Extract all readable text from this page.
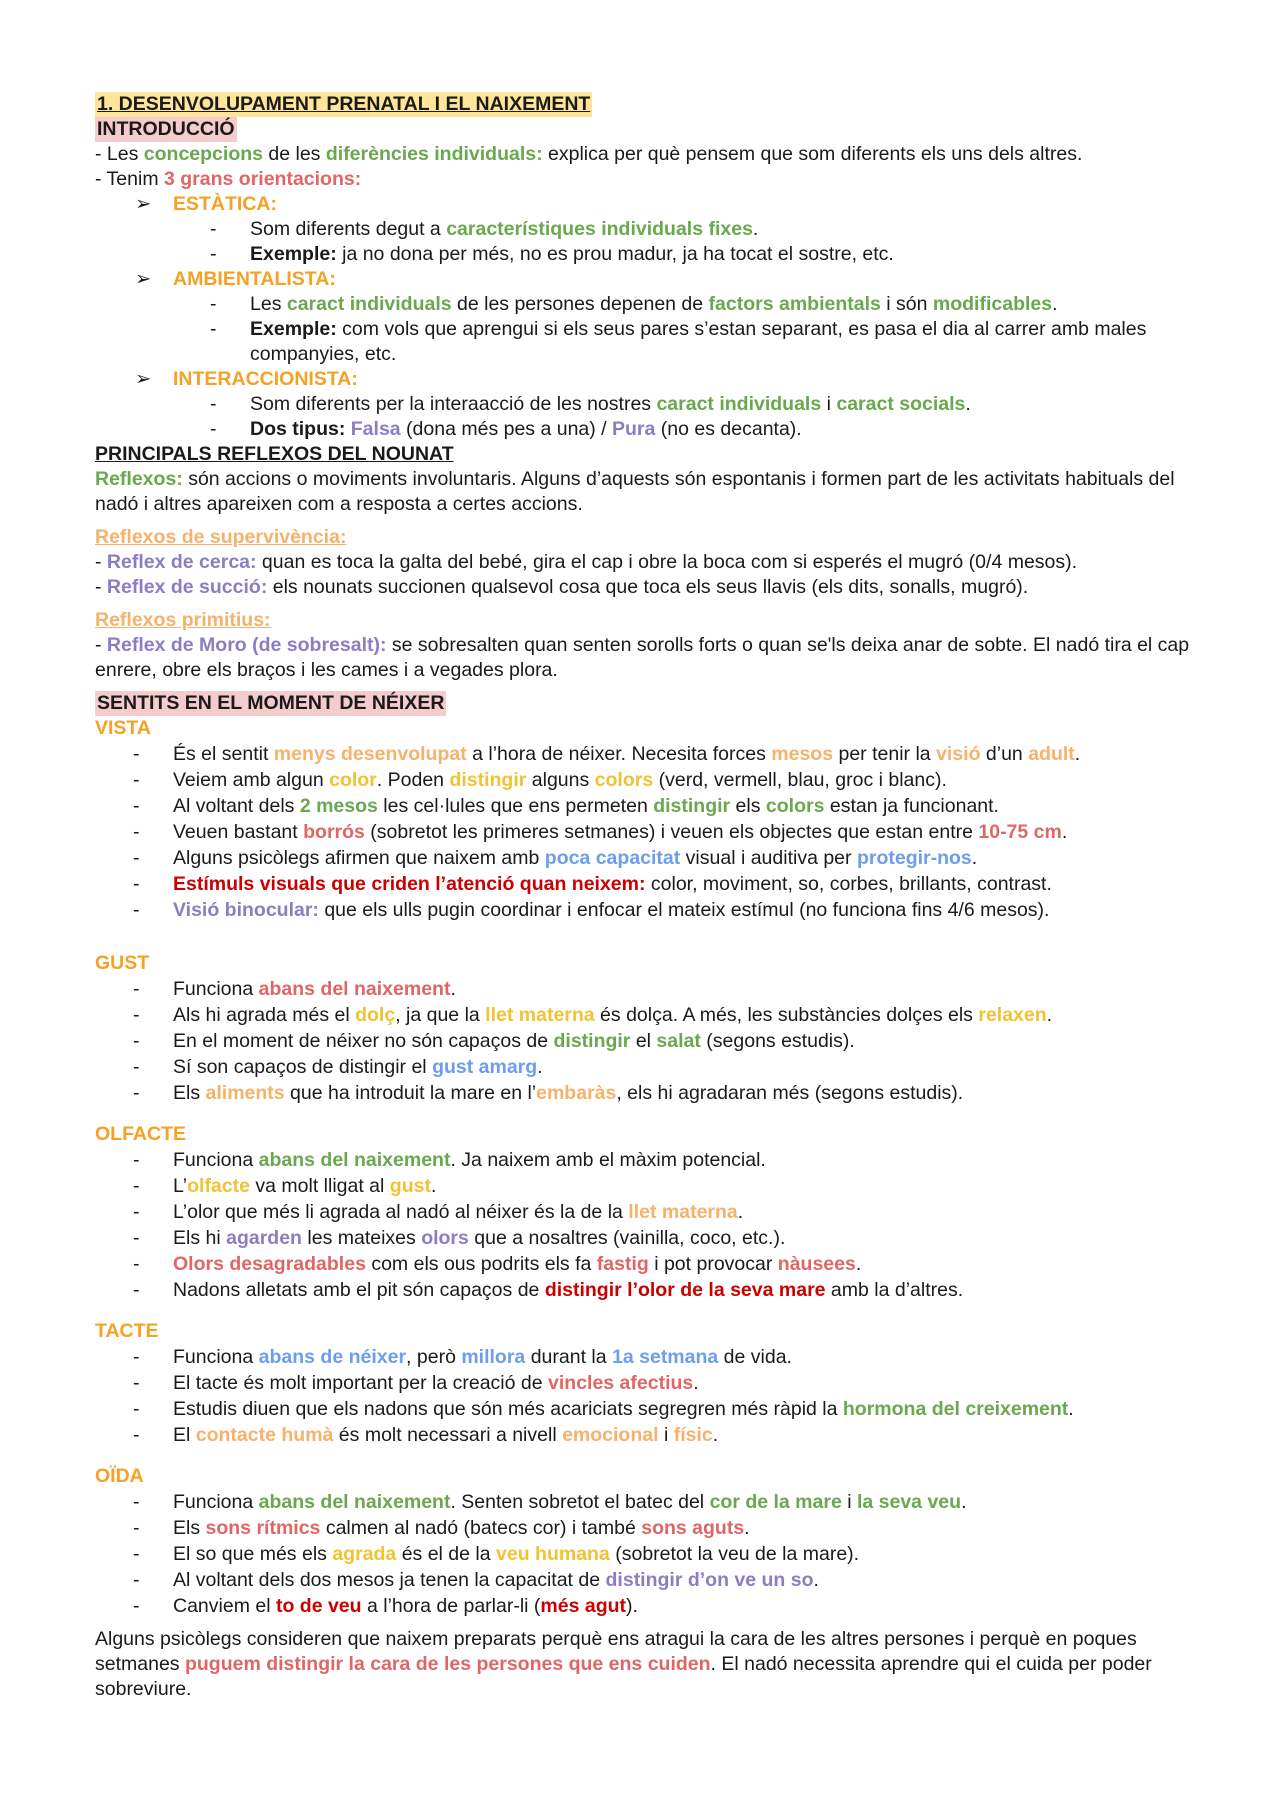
1. DESENVOLUPAMENT PRENATAL I EL NAIXEMENT

INTRODUCCIÓ

- Les concepcions de les diferències individuals: explica per què pensem que som diferents els uns dels altres.

- Tenim 3 grans orientacions:

➢ ESTÀTICA:
- Som diferents degut a característiques individuals fixes.
- Exemple: ja no dona per més, no es prou madur, ja ha tocat el sostre, etc.
➢ AMBIENTALISTA:
- Les caract individuals de les persones depenen de factors ambientals i són modificables.
- Exemple: com vols que aprengui si els seus pares s’estan separant, es pasa el dia al carrer amb males companyies, etc.
➢ INTERACCIONISTA:
- Som diferents per la interaacció de les nostres caract individuals i caract socials.
- Dos tipus: Falsa (dona més pes a una) / Pura (no es decanta).

PRINCIPALS REFLEXOS DEL NOUNAT

Reflexos: són accions o moviments involuntaris. Alguns d’aquests són espontanis i formen part de les activitats habituals del nadó i altres apareixen com a resposta a certes accions.

Reflexos de supervivència:

- Reflex de cerca: quan es toca la galta del bebé, gira el cap i obre la boca com si esperés el mugró (0/4 mesos).

- Reflex de succió: els nounats succionen qualsevol cosa que toca els seus llavis (els dits, sonalls, mugró).

Reflexos primitius:

- Reflex de Moro (de sobresalt): se sobresalten quan senten sorolls forts o quan se'ls deixa anar de sobte. El nadó tira el cap enrere, obre els braços i les cames i a vegades plora.

SENTITS EN EL MOMENT DE NÉIXER

VISTA

- És el sentit menys desenvolupat a l’hora de néixer. Necesita forces mesos per tenir la visió d’un adult.
- Veiem amb algun color. Poden distingir alguns colors (verd, vermell, blau, groc i blanc).
- Al voltant dels 2 mesos les cel·lules que ens permeten distingir els colors estan ja funcionant.
- Veuen bastant borrós (sobretot les primeres setmanes) i veuen els objectes que estan entre 10-75 cm.
- Alguns psicòlegs afirmen que naixem amb poca capacitat visual i auditiva per protegir-nos.
- Estímuls visuals que criden l’atenció quan neixem: color, moviment, so, corbes, brillants, contrast.
- Visió binocular: que els ulls pugin coordinar i enfocar el mateix estímul (no funciona fins 4/6 mesos).

GUST

- Funciona abans del naixement.
- Als hi agrada més el dolç, ja que la llet materna és dolça. A més, les substàncies dolçes els relaxen.
- En el moment de néixer no són capaços de distingir el salat (segons estudis).
- Sí son capaços de distingir el gust amarg.
- Els aliments que ha introduit la mare en l’embaràs, els hi agradaran més (segons estudis).

OLFACTE

- Funciona abans del naixement. Ja naixem amb el màxim potencial.
- L’olfacte va molt lligat al gust.
- L’olor que més li agrada al nadó al néixer és la de la llet materna.
- Els hi agarden les mateixes olors que a nosaltres (vainilla, coco, etc.).
- Olors desagradables com els ous podrits els fa fastig i pot provocar nàusees.
- Nadons alletats amb el pit són capaços de distingir l’olor de la seva mare amb la d’altres.

TACTE

- Funciona abans de néixer, però millora durant la 1a setmana de vida.
- El tacte és molt important per la creació de vincles afectius.
- Estudis diuen que els nadons que són més acariciats segregren més ràpid la hormona del creixement.
- El contacte humà és molt necessari a nivell emocional i físic.

OÏDA

- Funciona abans del naixement. Senten sobretot el batec del cor de la mare i la seva veu.
- Els sons rítmics calmen al nadó (batecs cor) i també sons aguts.
- El so que més els agrada és el de la veu humana (sobretot la veu de la mare).
- Al voltant dels dos mesos ja tenen la capacitat de distingir d’on ve un so.
- Canviem el to de veu a l’hora de parlar-li (més agut).

Alguns psicòlegs consideren que naixem preparats perquè ens atragui la cara de les altres persones i perquè en poques setmanes puguem distingir la cara de les persones que ens cuiden. El nadó necessita aprendre qui el cuida per poder sobreviure.
